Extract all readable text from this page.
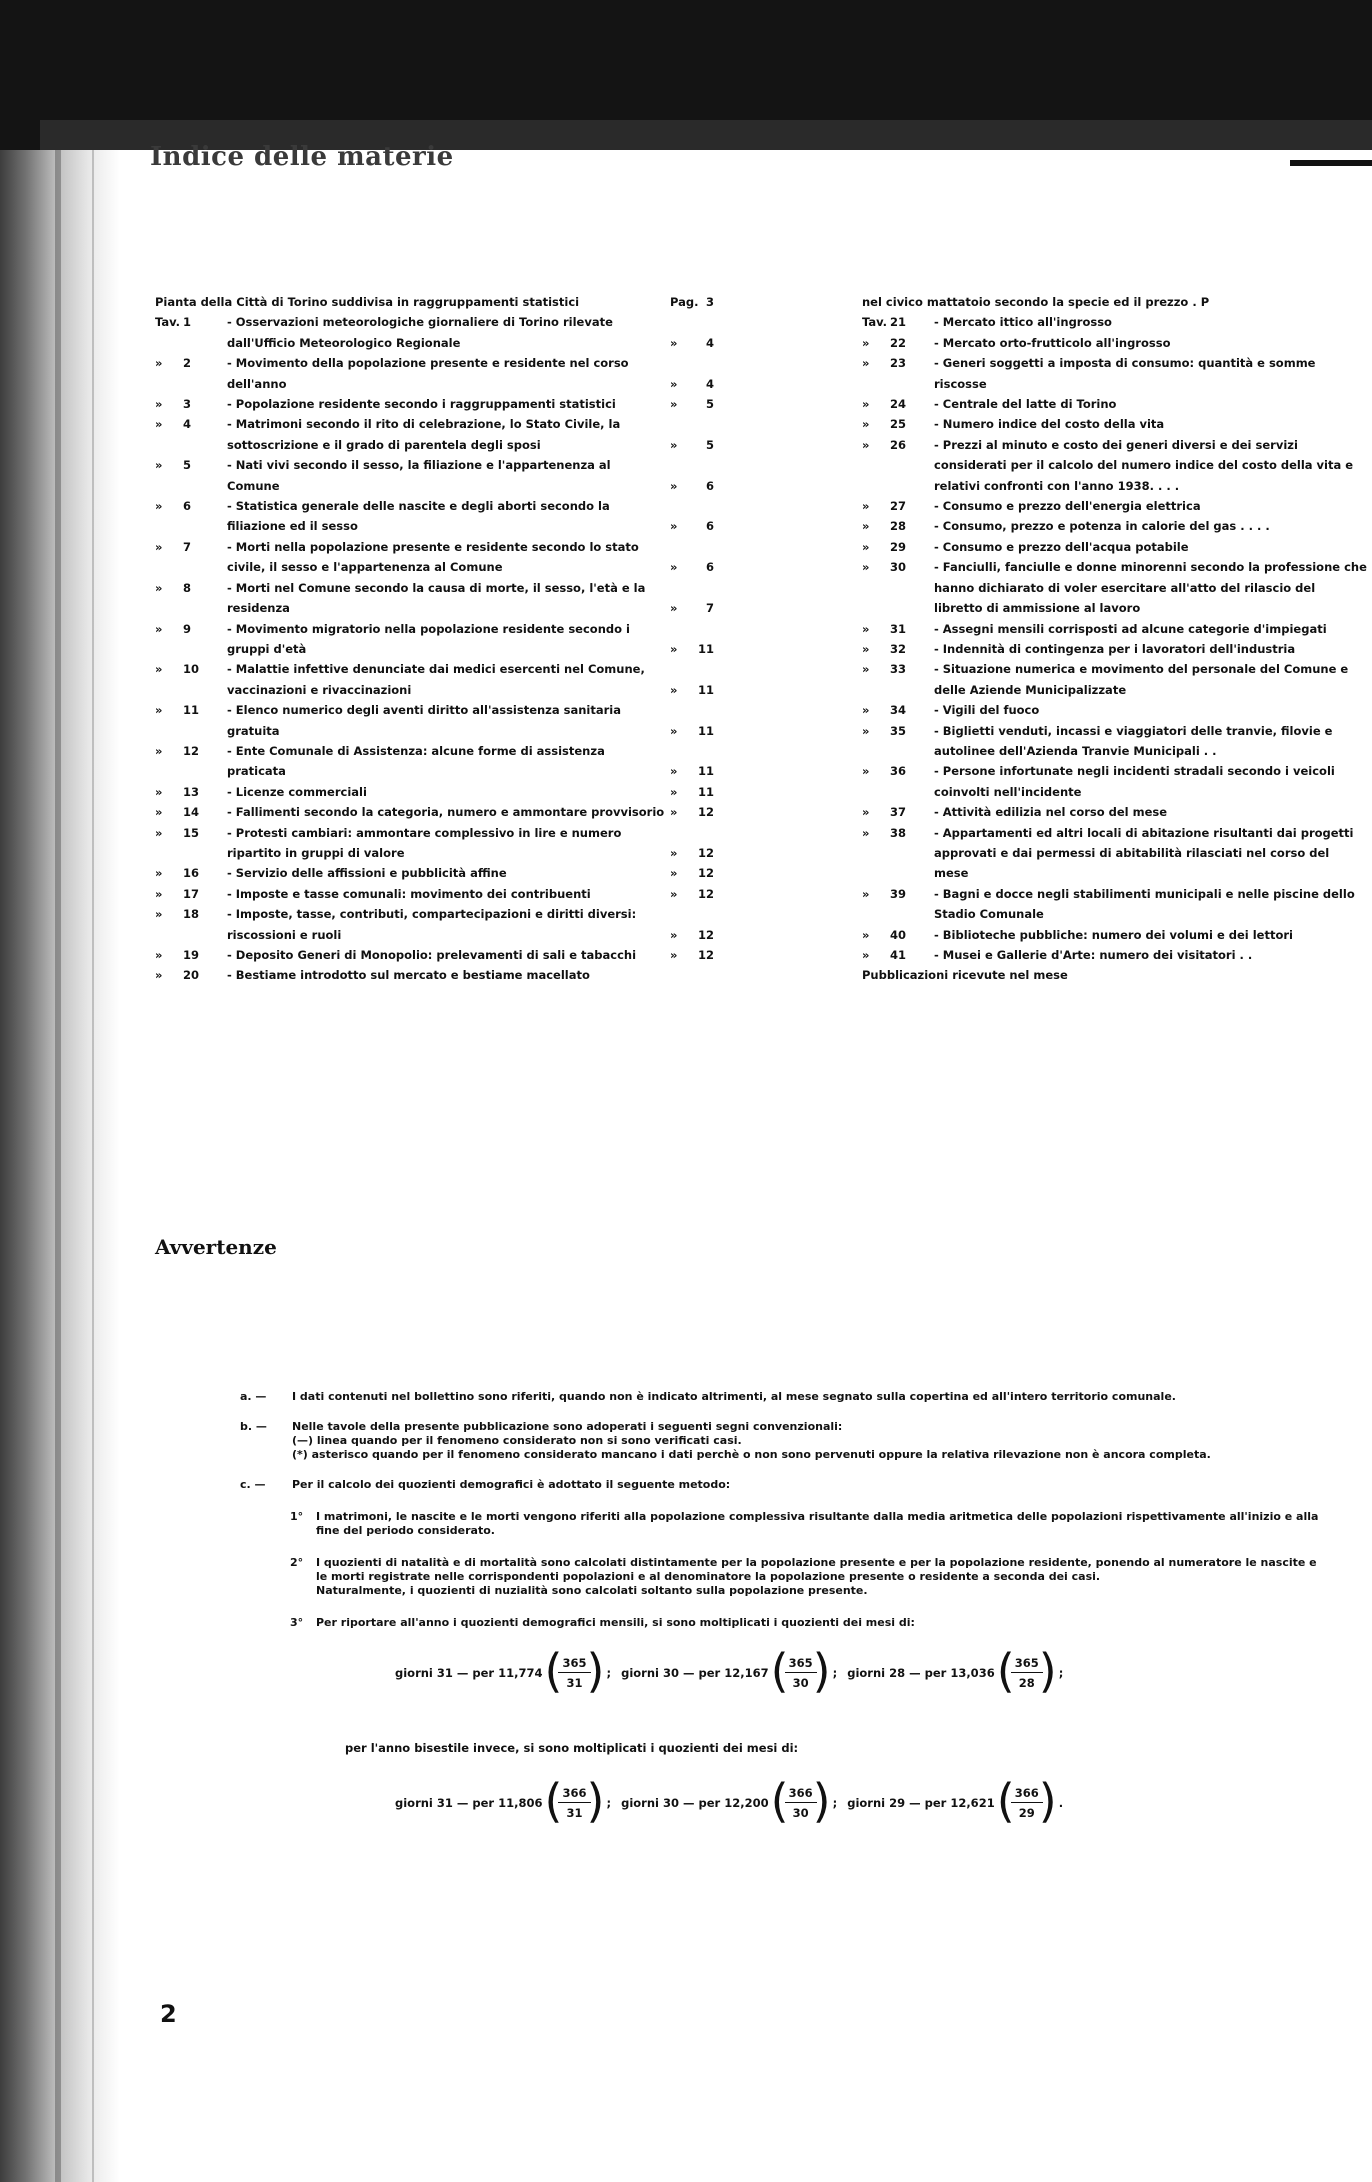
Indice delle materie
Pianta della Città di Torino suddivisa in raggruppamenti statistici	Pag. 3
Tav. 1	- Osservazioni meteorologiche giornaliere di Torino rilevate dall'Ufficio Meteorologico Regionale	» 4
»	2	- Movimento della popolazione presente e residente nel corso dell'anno	» 4
»	3	- Popolazione residente secondo i raggruppamenti statistici	» 5
»	4	- Matrimoni secondo il rito di celebrazione, lo Stato Civile, la sottoscrizione e il grado di parentela degli sposi	» 5
»	5	- Nati vivi secondo il sesso, la filiazione e l'appartenenza al Comune	» 6
»	6	- Statistica generale delle nascite e degli aborti secondo la filiazione ed il sesso	» 6
»	7	- Morti nella popolazione presente e residente secondo lo stato civile, il sesso e l'appartenenza al Comune	» 6
»	8	- Morti nel Comune secondo la causa di morte, il sesso, l'età e la residenza	» 7
»	9	- Movimento migratorio nella popolazione residente secondo i gruppi d'età	» 11
»	10	- Malattie infettive denunciate dai medici esercenti nel Comune, vaccinazioni e rivaccinazioni	» 11
»	11	- Elenco numerico degli aventi diritto all'assistenza sanitaria gratuita	» 11
»	12	- Ente Comunale di Assistenza: alcune forme di assistenza praticata	» 11
»	13	- Licenze commerciali	» 11
»	14	- Fallimenti secondo la categoria, numero e ammontare provvisorio » 12
»	15	- Protesti cambiari: ammontare complessivo in lire e numero ripartito in gruppi di valore	» 12
»	16	- Servizio delle affissioni e pubblicità affine	» 12
»	17	- Imposte e tasse comunali: movimento dei contribuenti	» 12
»	18	- Imposte, tasse, contributi, compartecipazioni e diritti diversi: riscossioni e ruoli	» 12
»	19	- Deposito Generi di Monopolio: prelevamenti di sali e tabacchi	» 12
»	20	- Bestiame introdotto sul mercato e bestiame macellato
nel civico mattatoio secondo la specie ed il prezzo . P
Tav. 21	- Mercato ittico all'ingrosso
»	22	- Mercato orto-frutticolo all'ingrosso
»	23	- Generi soggetti a imposta di consumo: quantità e somme riscosse
»	24	- Centrale del latte di Torino
»	25	- Numero indice del costo della vita
»	26	- Prezzi al minuto e costo dei generi diversi e dei servizi considerati per il calcolo del numero indice del costo della vita e relativi confronti con l'anno 1938. . . .
»	27	- Consumo e prezzo dell'energia elettrica
»	28	- Consumo, prezzo e potenza in calorie del gas . . . .
»	29	- Consumo e prezzo dell'acqua potabile
»	30	- Fanciulli, fanciulle e donne minorenni secondo la professione che hanno dichiarato di voler esercitare all'atto del rilascio del libretto di ammissione al lavoro
»	31	- Assegni mensili corrisposti ad alcune categorie d'impiegati
»	32	- Indennità di contingenza per i lavoratori dell'industria
»	33	- Situazione numerica e movimento del personale del Comune e delle Aziende Municipalizzate
»	34	- Vigili del fuoco
»	35	- Biglietti venduti, incassi e viaggiatori delle tranvie, filovie e autolinee dell'Azienda Tranvie Municipali . .
»	36	- Persone infortunate negli incidenti stradali secondo i veicoli coinvolti nell'incidente
»	37	- Attività edilizia nel corso del mese
»	38	- Appartamenti ed altri locali di abitazione risultanti dai progetti approvati e dai permessi di abitabilità rilasciati nel corso del mese
»	39	- Bagni e docce negli stabilimenti municipali e nelle piscine dello Stadio Comunale
»	40	- Biblioteche pubbliche: numero dei volumi e dei lettori
»	41	- Musei e Gallerie d'Arte: numero dei visitatori . .
Pubblicazioni ricevute nel mese
Avvertenze
a. —	I dati contenuti nel bollettino sono riferiti, quando non è indicato altrimenti, al mese segnato sulla copertina ed all'intero territorio comunale.
b. —	Nelle tavole della presente pubblicazione sono adoperati i seguenti segni convenzionali:
(—) linea quando per il fenomeno considerato non si sono verificati casi.
(*) asterisco quando per il fenomeno considerato mancano i dati perchè o non sono pervenuti oppure la relativa rilevazione non è ancora completa.
c. —	Per il calcolo dei quozienti demografici è adottato il seguente metodo:
1° I matrimoni, le nascite e le morti vengono riferiti alla popolazione complessiva risultante dalla media aritmetica delle popolazioni rispettivamente all'inizio e alla fine del periodo considerato.
2° I quozienti di natalità e di mortalità sono calcolati distintamente per la popolazione presente e per la popolazione residente, ponendo al numeratore le nascite e le morti registrate nelle corrispondenti popolazioni e al denominatore la popolazione presente o residente a seconda dei casi.
Naturalmente, i quozienti di nuzialità sono calcolati soltanto sulla popolazione presente.
3° Per riportare all'anno i quozienti demografici mensili, si sono moltiplicati i quozienti dei mesi di:
giorni 31 — per 11,774 ( 365
31 ) ; giorni 30 — per 12,167 ( 365
30 ) ; giorni 28 — per 13,036 ( 365
28 ) ;
per l'anno bisestile invece, si sono moltiplicati i quozienti dei mesi di:
giorni 31 — per 11,806 ( 366
31 ) ; giorni 30 — per 12,200 ( 366
30 ) ; giorni 29 — per 12,621 ( 366
29 ) .
2
